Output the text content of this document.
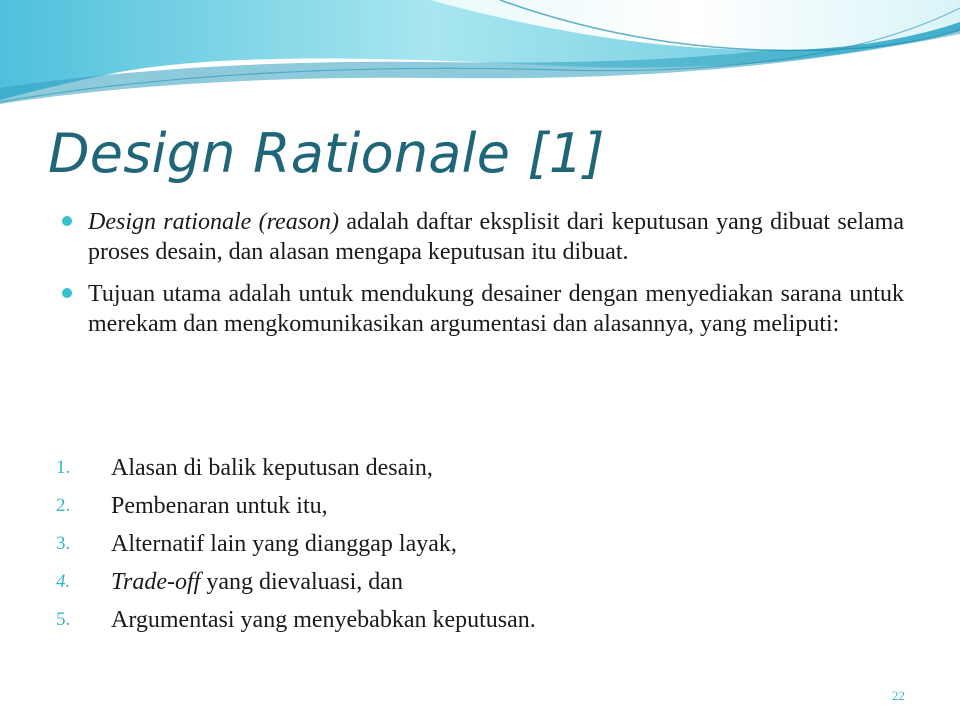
Design Rationale [1]
Design rationale (reason) adalah daftar eksplisit dari keputusan yang dibuat selama proses desain, dan alasan mengapa keputusan itu dibuat.
Tujuan utama adalah untuk mendukung desainer dengan menyediakan sarana untuk merekam dan mengkomunikasikan argumentasi dan alasannya, yang meliputi:
1.	Alasan di balik keputusan desain,
2.	Pembenaran untuk itu,
3.	Alternatif lain yang dianggap layak,
4.	Trade-off yang dievaluasi, dan
5.	Argumentasi yang menyebabkan keputusan.
22
